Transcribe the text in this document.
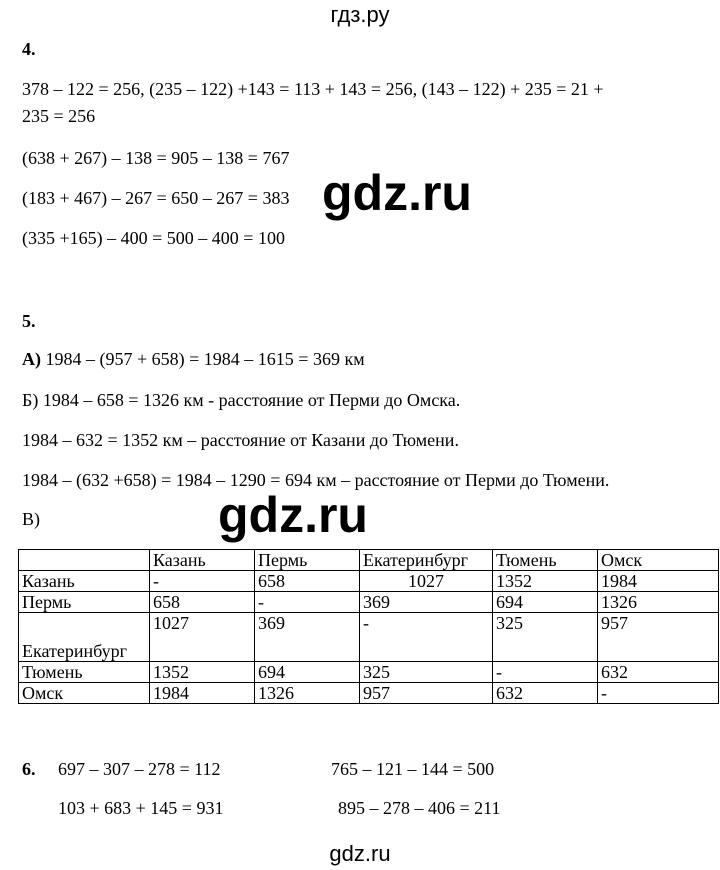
гдз.ру
4.
378 – 122 = 256, (235 – 122) +143 = 113 + 143 = 256, (143 – 122) + 235 = 21 +
235 = 256
(638 + 267) – 138 = 905 – 138 = 767
(183 + 467) – 267 = 650 – 267 = 383
(335 +165) – 400 = 500 – 400 = 100
gdz.ru
5.
А) 1984 – (957 + 658) = 1984 – 1615 = 369 км
Б) 1984 – 658 = 1326 км - расстояние от Перми до Омска.
1984 – 632 = 1352 км – расстояние от Казани до Тюмени.
1984 – (632 +658) = 1984 – 1290 = 694 км – расстояние от Перми до Тюмени.
В)	gdz.ru
	Казань	Пермь	Екатеринбург	Тюмень	Омск
Казань	-	658	1027	1352	1984
Пермь	658	-	369	694	1326
Екатеринбург	1027	369	-	325	957
Тюмень	1352	694	325	-	632
Омск	1984	1326	957	632	-
6. 697 – 307 – 278 = 112	765 – 121 – 144 = 500
103 + 683 + 145 = 931	895 – 278 – 406 = 211
gdz.ru
